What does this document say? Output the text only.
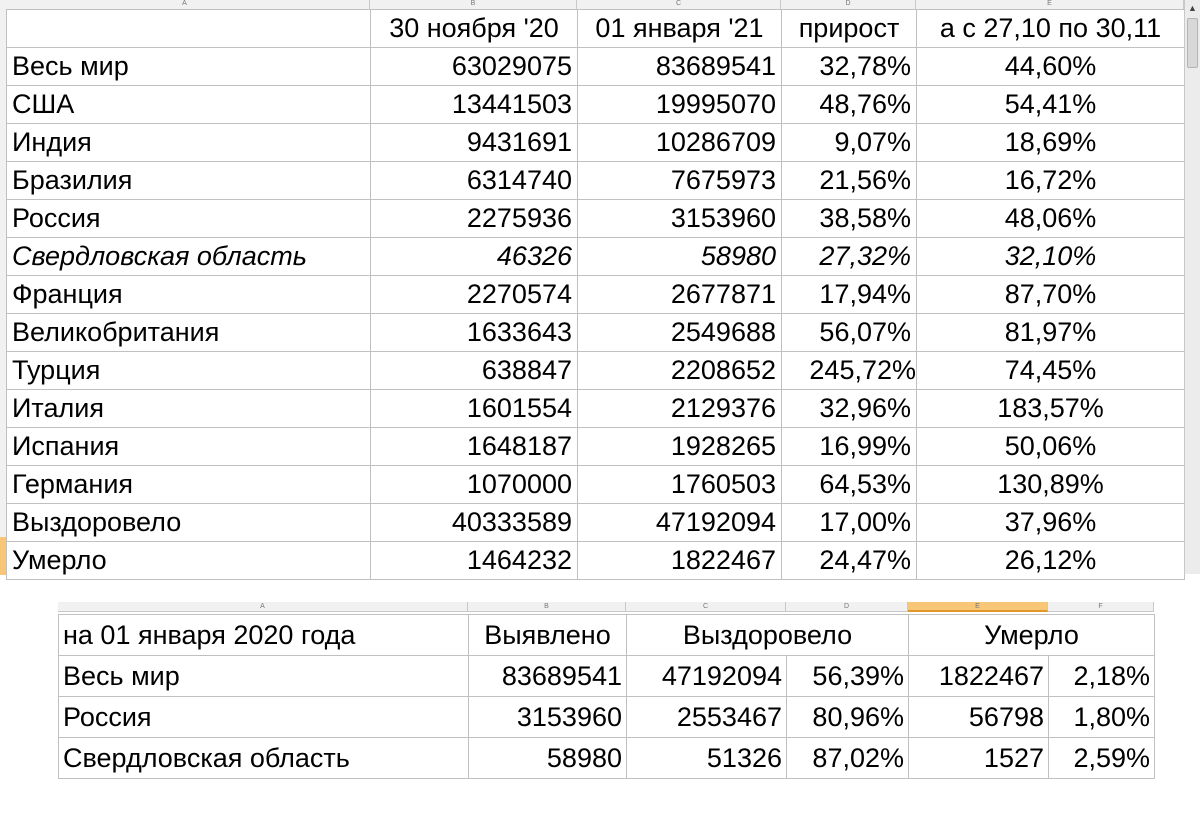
A	B	C	D	E
	30 ноября '20	01 января '21	прирост	а с 27,10 по 30,11
Весь мир	63029075	83689541	32,78%	44,60%
США	13441503	19995070	48,76%	54,41%
Индия	9431691	10286709	9,07%	18,69%
Бразилия	6314740	7675973	21,56%	16,72%
Россия	2275936	3153960	38,58%	48,06%
Свердловская область	46326	58980	27,32%	32,10%
Франция	2270574	2677871	17,94%	87,70%
Великобритания	1633643	2549688	56,07%	81,97%
Турция	638847	2208652	245,72%	74,45%
Италия	1601554	2129376	32,96%	183,57%
Испания	1648187	1928265	16,99%	50,06%
Германия	1070000	1760503	64,53%	130,89%
Выздоровело	40333589	47192094	17,00%	37,96%
Умерло	1464232	1822467	24,47%	26,12%
▲
A	B	C	D	E	F
на 01 января 2020 года	Выявлено	Выздоровело		Умерло	
Весь мир	83689541	47192094	56,39%	1822467	2,18%
Россия	3153960	2553467	80,96%	56798	1,80%
Свердловская область	58980	51326	87,02%	1527	2,59%
